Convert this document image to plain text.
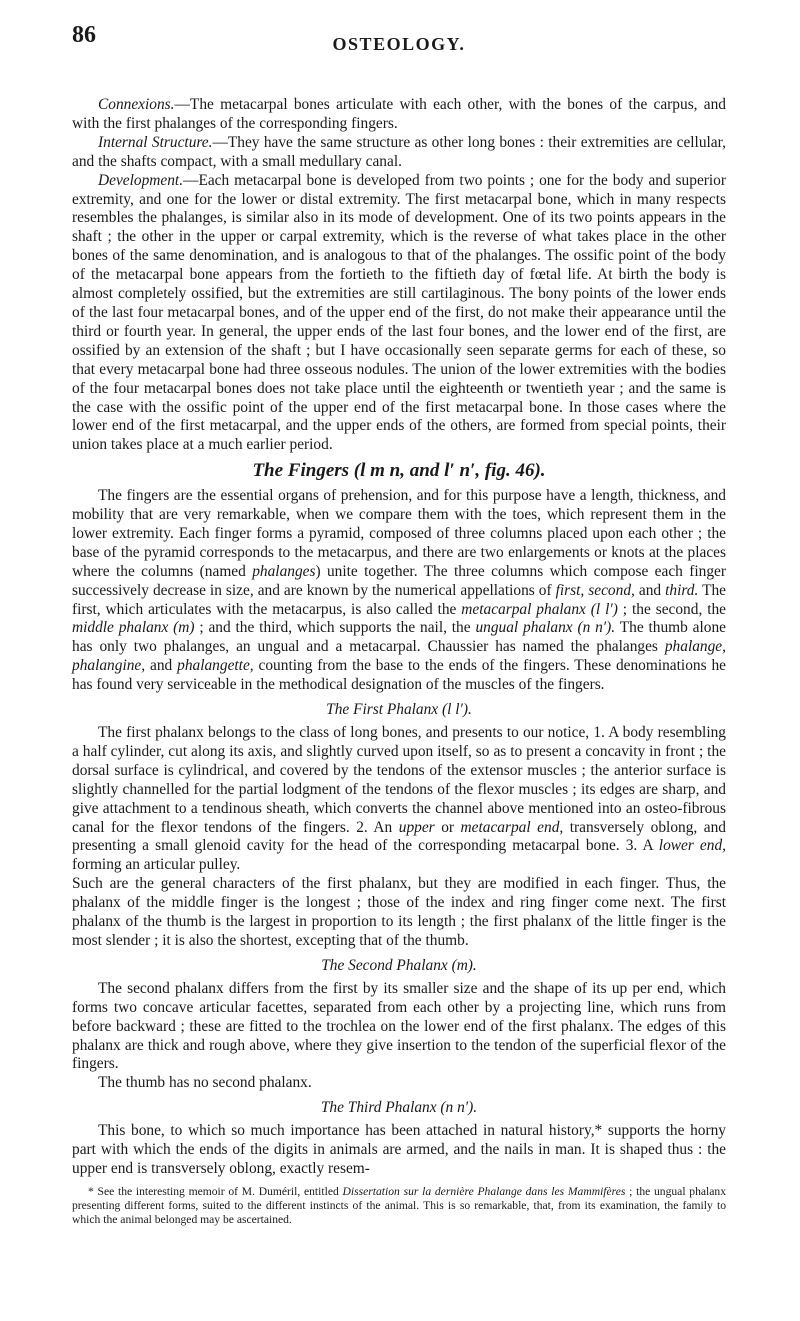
86	OSTEOLOGY.

Connexions.—The metacarpal bones articulate with each other, with the bones of the carpus, and with the first phalanges of the corresponding fingers.

Internal Structure.—They have the same structure as other long bones : their extremities are cellular, and the shafts compact, with a small medullary canal.

Development.—Each metacarpal bone is developed from two points ; one for the body and superior extremity, and one for the lower or distal extremity. The first metacarpal bone, which in many respects resembles the phalanges, is similar also in its mode of development. One of its two points appears in the shaft ; the other in the upper or carpal extremity, which is the reverse of what takes place in the other bones of the same denomination, and is analogous to that of the phalanges. The ossific point of the body of the metacarpal bone appears from the fortieth to the fiftieth day of fœtal life. At birth the body is almost completely ossified, but the extremities are still cartilaginous. The bony points of the lower ends of the last four metacarpal bones, and of the upper end of the first, do not make their appearance until the third or fourth year. In general, the upper ends of the last four bones, and the lower end of the first, are ossified by an extension of the shaft ; but I have occasionally seen separate germs for each of these, so that every metacarpal bone had three osseous nodules. The union of the lower extremities with the bodies of the four metacarpal bones does not take place until the eighteenth or twentieth year ; and the same is the case with the ossific point of the upper end of the first metacarpal bone. In those cases where the lower end of the first metacarpal, and the upper ends of the others, are formed from special points, their union takes place at a much earlier period.

The Fingers (l m n, and l′ n′, fig. 46).

The fingers are the essential organs of prehension, and for this purpose have a length, thickness, and mobility that are very remarkable, when we compare them with the toes, which represent them in the lower extremity. Each finger forms a pyramid, composed of three columns placed upon each other ; the base of the pyramid corresponds to the metacarpus, and there are two enlargements or knots at the places where the columns (named phalanges) unite together. The three columns which compose each finger successively decrease in size, and are known by the numerical appellations of first, second, and third. The first, which articulates with the metacarpus, is also called the metacarpal phalanx (l l′) ; the second, the middle phalanx (m) ; and the third, which supports the nail, the ungual phalanx (n n′). The thumb alone has only two phalanges, an ungual and a metacarpal. Chaussier has named the phalanges phalange, phalangine, and phalangette, counting from the base to the ends of the fingers. These denominations he has found very serviceable in the methodical designation of the muscles of the fingers.

The First Phalanx (l l′).

The first phalanx belongs to the class of long bones, and presents to our notice, 1. A body resembling a half cylinder, cut along its axis, and slightly curved upon itself, so as to present a concavity in front ; the dorsal surface is cylindrical, and covered by the tendons of the extensor muscles ; the anterior surface is slightly channelled for the partial lodgment of the tendons of the flexor muscles ; its edges are sharp, and give attachment to a tendinous sheath, which converts the channel above mentioned into an osteo-fibrous canal for the flexor tendons of the fingers. 2. An upper or metacarpal end, transversely oblong, and presenting a small glenoid cavity for the head of the corresponding metacarpal bone. 3. A lower end, forming an articular pulley.

Such are the general characters of the first phalanx, but they are modified in each finger. Thus, the phalanx of the middle finger is the longest ; those of the index and ring finger come next. The first phalanx of the thumb is the largest in proportion to its length ; the first phalanx of the little finger is the most slender ; it is also the shortest, excepting that of the thumb.

The Second Phalanx (m).

The second phalanx differs from the first by its smaller size and the shape of its up per end, which forms two concave articular facettes, separated from each other by a projecting line, which runs from before backward ; these are fitted to the trochlea on the lower end of the first phalanx. The edges of this phalanx are thick and rough above, where they give insertion to the tendon of the superficial flexor of the fingers.

The thumb has no second phalanx.

The Third Phalanx (n n′).

This bone, to which so much importance has been attached in natural history,* supports the horny part with which the ends of the digits in animals are armed, and the nails in man. It is shaped thus : the upper end is transversely oblong, exactly resem-

* See the interesting memoir of M. Duméril, entitled Dissertation sur la dernière Phalange dans les Mammifères ; the ungual phalanx presenting different forms, suited to the different instincts of the animal. This is so remarkable, that, from its examination, the family to which the animal belonged may be ascertained.
